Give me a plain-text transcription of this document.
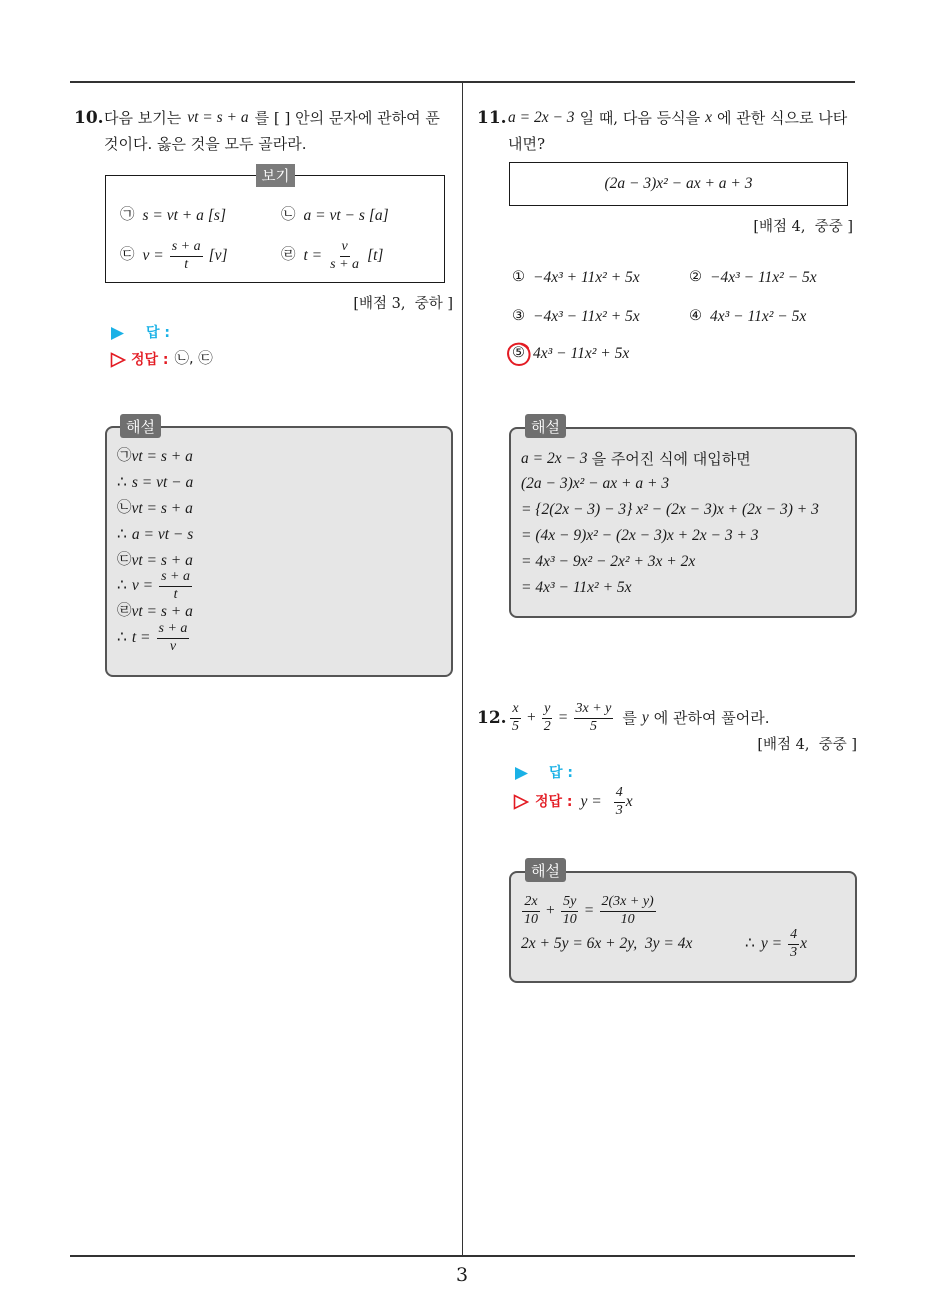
3
10. 다음 보기는 vt = s + a 를 [ ] 안의 문자에 관하여 푼
것이다. 옳은 것을 모두 골라라.
보기
㉠ s = vt + a [s]	㉡ a = vt − s [a]
㉢ $v = \frac{s + a}{t} [v]$	㉣ $t = \frac{v}{s + a} [t]$
[배점 3,  중하 ]
답 :
정답 : ㉡, ㉢
해설
㉠ vt = s + a
∴ s = vt − a
㉡ vt = s + a
∴ a = vt − s
㉢ vt = s + a
∴ $v = \frac{s + a}{t}$
㉣ vt = s + a
∴ $t = \frac{s + a}{v}$
11. a = 2x − 3 일 때, 다음 등식을 x 에 관한 식으로 나타
내면?
(2a − 3)x² − ax + a + 3
[배점 4,  중중 ]
① −4x³ + 11x² + 5x	② −4x³ − 11x² − 5x
③ −4x³ − 11x² + 5x	④ 4x³ − 11x² − 5x
⑤ 4x³ − 11x² + 5x
해설
a = 2x − 3 을 주어진 식에 대입하면
(2a − 3)x² − ax + a + 3
= {2(2x − 3) − 3} x² − (2x − 3)x + (2x − 3) + 3
= (4x − 9)x² − (2x − 3)x + 2x − 3 + 3
= 4x³ − 9x² − 2x² + 3x + 2x
= 4x³ − 11x² + 5x
12. $\frac{x}{5} + \frac{y}{2} = \frac{3x + y}{5}$ 를 y 에 관하여 풀어라.
[배점 4,  중중 ]
답 :
정답 : $y = \frac{4}{3}$ x
해설
$\frac{2x}{10} + \frac{5y}{10} = \frac{2(3x + y)}{10}$
2x + 5y = 6x + 2y,  3y = 4x	∴ $y = \frac{4}{3}$ x
